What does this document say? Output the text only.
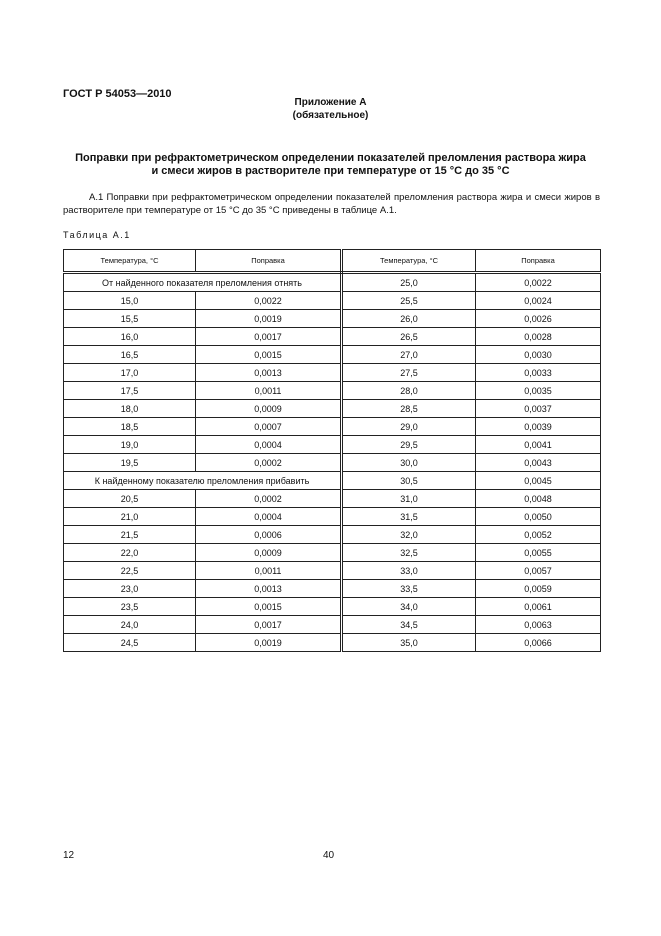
ГОСТ Р 54053—2010
Приложение А
(обязательное)
Поправки при рефрактометрическом определении показателей преломления раствора жира
и смеси жиров в растворителе при температуре от 15 °С до 35 °С
А.1 Поправки при рефрактометрическом определении показателей преломления раствора жира и смеси жиров в растворителе при температуре от 15 °С до 35 °С приведены в таблице А.1.
Таблица А.1
Температура, °С	Поправка	Температура, °С	Поправка
От найденного показателя преломления отнять		25,0	0,0022
15,0	0,0022	25,5	0,0024
15,5	0,0019	26,0	0,0026
16,0	0,0017	26,5	0,0028
16,5	0,0015	27,0	0,0030
17,0	0,0013	27,5	0,0033
17,5	0,0011	28,0	0,0035
18,0	0,0009	28,5	0,0037
18,5	0,0007	29,0	0,0039
19,0	0,0004	29,5	0,0041
19,5	0,0002	30,0	0,0043
К найденному показателю преломления прибавить		30,5	0,0045
20,5	0,0002	31,0	0,0048
21,0	0,0004	31,5	0,0050
21,5	0,0006	32,0	0,0052
22,0	0,0009	32,5	0,0055
22,5	0,0011	33,0	0,0057
23,0	0,0013	33,5	0,0059
23,5	0,0015	34,0	0,0061
24,0	0,0017	34,5	0,0063
24,5	0,0019	35,0	0,0066
12	40
